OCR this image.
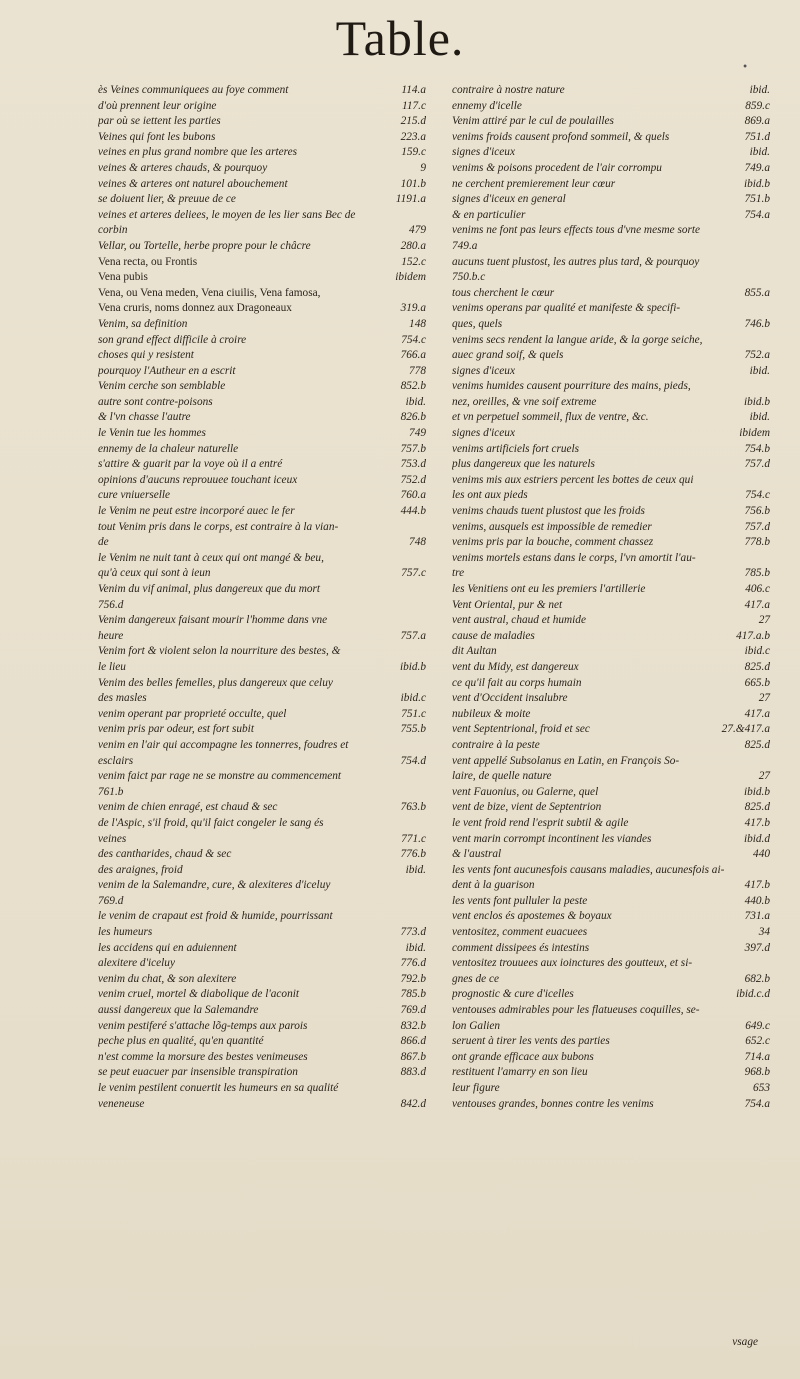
Table.
•
ès Veines communiquees au foye comment	114.a
d'où prennent leur origine	117.c
par où se iettent les parties	215.d
Veines qui font les bubons	223.a
veines en plus grand nombre que les arteres	159.c
veines & arteres chauds, & pourquoy	9
veines & arteres ont naturel abouchement	101.b
se doiuent lier, & preuue de ce	1191.a
veines et arteres deliees, le moyen de les lier sans Bec de
corbin	479
Vellar, ou Tortelle, herbe propre pour le châcre	280.a
Vena recta, ou Frontis	152.c
Vena pubis	ibidem
Vena, ou Vena meden, Vena ciuilis, Vena famosa,
Vena cruris, noms donnez aux Dragoneaux	319.a
Venim, sa definition	148
son grand effect difficile à croire	754.c
choses qui y resistent	766.a
pourquoy l'Autheur en a escrit	778
Venim cerche son semblable	852.b
autre sont contre-poisons	ibid.
& l'vn chasse l'autre	826.b
le Venin tue les hommes	749
ennemy de la chaleur naturelle	757.b
s'attire & guarit par la voye où il a entré	753.d
opinions d'aucuns reprouuee touchant iceux	752.d
cure vniuerselle	760.a
le Venim ne peut estre incorporé auec le fer	444.b
tout Venim pris dans le corps, est contraire à la vian-
de	748
le Venim ne nuit tant à ceux qui ont mangé & beu,
qu'à ceux qui sont à ieun	757.c
Venim du vif animal, plus dangereux que du mort
756.d
Venim dangereux faisant mourir l'homme dans vne
heure	757.a
Venim fort & violent selon la nourriture des bestes, &
le lieu	ibid.b
Venim des belles femelles, plus dangereux que celuy
des masles	ibid.c
venim operant par proprieté occulte, quel	751.c
venim pris par odeur, est fort subit	755.b
venim en l'air qui accompagne les tonnerres, foudres et
esclairs	754.d
venim faict par rage ne se monstre au commencement
761.b
venim de chien enragé, est chaud & sec	763.b
de l'Aspic, s'il froid, qu'il faict congeler le sang és
veines	771.c
des cantharides, chaud & sec	776.b
des araignes, froid	ibid.
venim de la Salemandre, cure, & alexiteres d'iceluy
769.d
le venim de crapaut est froid & humide, pourrissant
les humeurs	773.d
les accidens qui en aduiennent	ibid.
alexitere d'iceluy	776.d
venim du chat, & son alexitere	792.b
venim cruel, mortel & diabolique de l'aconit	785.b
aussi dangereux que la Salemandre	769.d
venim pestiferé s'attache lõg-temps aux parois	832.b
peche plus en qualité, qu'en quantité	866.d
n'est comme la morsure des bestes venimeuses	867.b
se peut euacuer par insensible transpiration	883.d
le venim pestilent conuertit les humeurs en sa qualité
veneneuse	842.d
contraire à nostre nature	ibid.
ennemy d'icelle	859.c
Venim attiré par le cul de poulailles	869.a
venims froids causent profond sommeil, & quels	751.d
signes d'iceux	ibid.
venims & poisons procedent de l'air corrompu	749.a
ne cerchent premierement leur cœur	ibid.b
signes d'iceux en general	751.b
& en particulier	754.a
venims ne font pas leurs effects tous d'vne mesme sorte
749.a
aucuns tuent plustost, les autres plus tard, & pourquoy
750.b.c
tous cherchent le cœur	855.a
venims operans par qualité et manifeste & specifi-
ques, quels	746.b
venims secs rendent la langue aride, & la gorge seiche,
auec grand soif, & quels	752.a
signes d'iceux	ibid.
venims humides causent pourriture des mains, pieds,
nez, oreilles, & vne soif extreme	ibid.b
et vn perpetuel sommeil, flux de ventre, &c.	ibid.
signes d'iceux	ibidem
venims artificiels fort cruels	754.b
plus dangereux que les naturels	757.d
venims mis aux estriers percent les bottes de ceux qui
les ont aux pieds	754.c
venims chauds tuent plustost que les froids	756.b
venims, ausquels est impossible de remedier	757.d
venims pris par la bouche, comment chassez	778.b
venims mortels estans dans le corps, l'vn amortit l'au-
tre	785.b
les Venitiens ont eu les premiers l'artillerie	406.c
Vent Oriental, pur & net	417.a
vent austral, chaud et humide	27
cause de maladies	417.a.b
dit Aultan	ibid.c
vent du Midy, est dangereux	825.d
ce qu'il fait au corps humain	665.b
vent d'Occident insalubre	27
nubileux & moite	417.a
vent Septentrional, froid et sec	27.&417.a
contraire à la peste	825.d
vent appellé Subsolanus en Latin, en François So-
laire, de quelle nature	27
vent Fauonius, ou Galerne, quel	ibid.b
vent de bize, vient de Septentrion	825.d
le vent froid rend l'esprit subtil & agile	417.b
vent marin corrompt incontinent les viandes	ibid.d
& l'austral	440
les vents font aucunesfois causans maladies, aucunesfois ai-
dent à la guarison	417.b
les vents font pulluler la peste	440.b
vent enclos és apostemes & boyaux	731.a
ventositez, comment euacuees	34
comment dissipees és intestins	397.d
ventositez trouuees aux ioinctures des goutteux, et si-
gnes de ce	682.b
prognostic & cure d'icelles	ibid.c.d
ventouses admirables pour les flatueuses coquilles, se-
lon Galien	649.c
seruent à tirer les vents des parties	652.c
ont grande efficace aux bubons	714.a
restituent l'amarry en son lieu	968.b
leur figure	653
ventouses grandes, bonnes contre les venims	754.a
vsage
